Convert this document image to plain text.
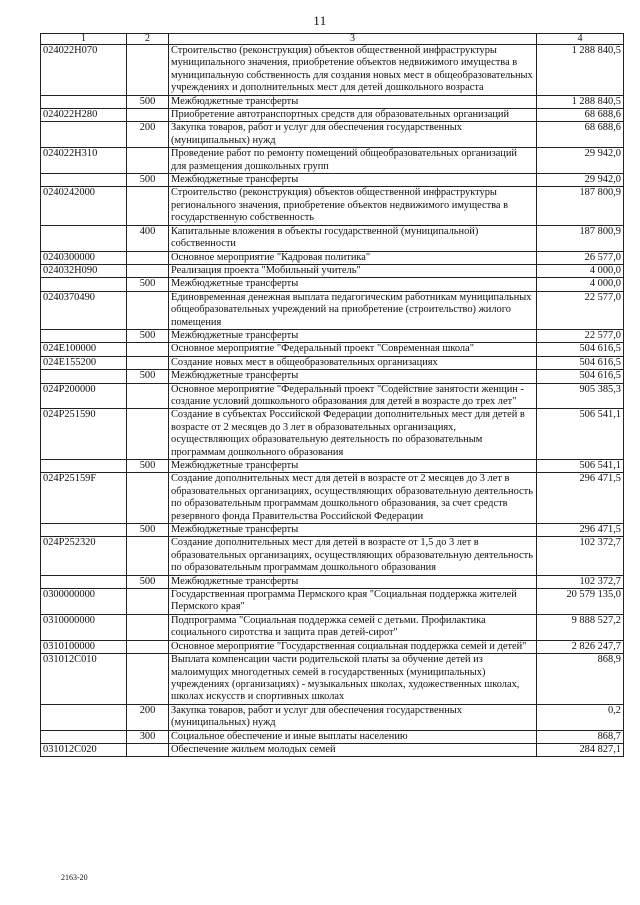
11
1	2	3	4
024022Н070		Строительство (реконструкция) объектов общественной инфраструктуры муниципального значения, приобретение объектов недвижимого имущества в муниципальную собственность для создания новых мест в общеобразовательных учреждениях и дополнительных мест для детей дошкольного возраста	1 288 840,5
	500	Межбюджетные трансферты	1 288 840,5
024022Н280		Приобретение автотранспортных средств для образовательных организаций	68 688,6
	200	Закупка товаров, работ и услуг для обеспечения государственных (муниципальных) нужд	68 688,6
024022Н310		Проведение работ по ремонту помещений общеобразовательных организаций для размещения дошкольных групп	29 942,0
	500	Межбюджетные трансферты	29 942,0
0240242000		Строительство (реконструкция) объектов общественной инфраструктуры регионального значения, приобретение объектов недвижимого имущества в государственную собственность	187 800,9
	400	Капитальные вложения в объекты государственной (муниципальной) собственности	187 800,9
0240300000		Основное мероприятие "Кадровая политика"	26 577,0
024032Н090		Реализация проекта "Мобильный учитель"	4 000,0
	500	Межбюджетные трансферты	4 000,0
0240370490		Единовременная денежная выплата педагогическим работникам муниципальных общеобразовательных учреждений на приобретение (строительство) жилого помещения	22 577,0
	500	Межбюджетные трансферты	22 577,0
024Е100000		Основное мероприятие "Федеральный проект "Современная школа"	504 616,5
024Е155200		Создание новых мест в общеобразовательных организациях	504 616,5
	500	Межбюджетные трансферты	504 616,5
024Р200000		Основное мероприятие "Федеральный проект "Содействие занятости женщин - создание условий дошкольного образования для детей в возрасте до трех лет"	905 385,3
024Р251590		Создание в субъектах Российской Федерации дополнительных мест для детей в возрасте от 2 месяцев до 3 лет в образовательных организациях, осуществляющих образовательную деятельность по образовательным программам дошкольного образования	506 541,1
	500	Межбюджетные трансферты	506 541,1
024Р25159F		Создание дополнительных мест для детей в возрасте от 2 месяцев до 3 лет в образовательных организациях, осуществляющих образовательную деятельность по образовательным программам дошкольного образования, за счет средств резервного фонда Правительства Российской Федерации	296 471,5
	500	Межбюджетные трансферты	296 471,5
024Р252320		Создание дополнительных мест для детей в возрасте от 1,5 до 3 лет в образовательных организациях, осуществляющих образовательную деятельность по образовательным программам дошкольного образования	102 372,7
	500	Межбюджетные трансферты	102 372,7
0300000000		Государственная программа Пермского края "Социальная поддержка жителей Пермского края"	20 579 135,0
0310000000		Подпрограмма "Социальная поддержка семей с детьми. Профилактика социального сиротства и защита прав детей-сирот"	9 888 527,2
0310100000		Основное мероприятие "Государственная социальная поддержка семей и детей"	2 826 247,7
031012С010		Выплата компенсации части родительской платы за обучение детей из малоимущих многодетных семей в государственных (муниципальных) учреждениях (организациях) - музыкальных школах, художественных школах, школах искусств и спортивных школах	868,9
	200	Закупка товаров, работ и услуг для обеспечения государственных (муниципальных) нужд	0,2
	300	Социальное обеспечение и иные выплаты населению	868,7
031012С020		Обеспечение жильем молодых семей	284 827,1
2163-20
